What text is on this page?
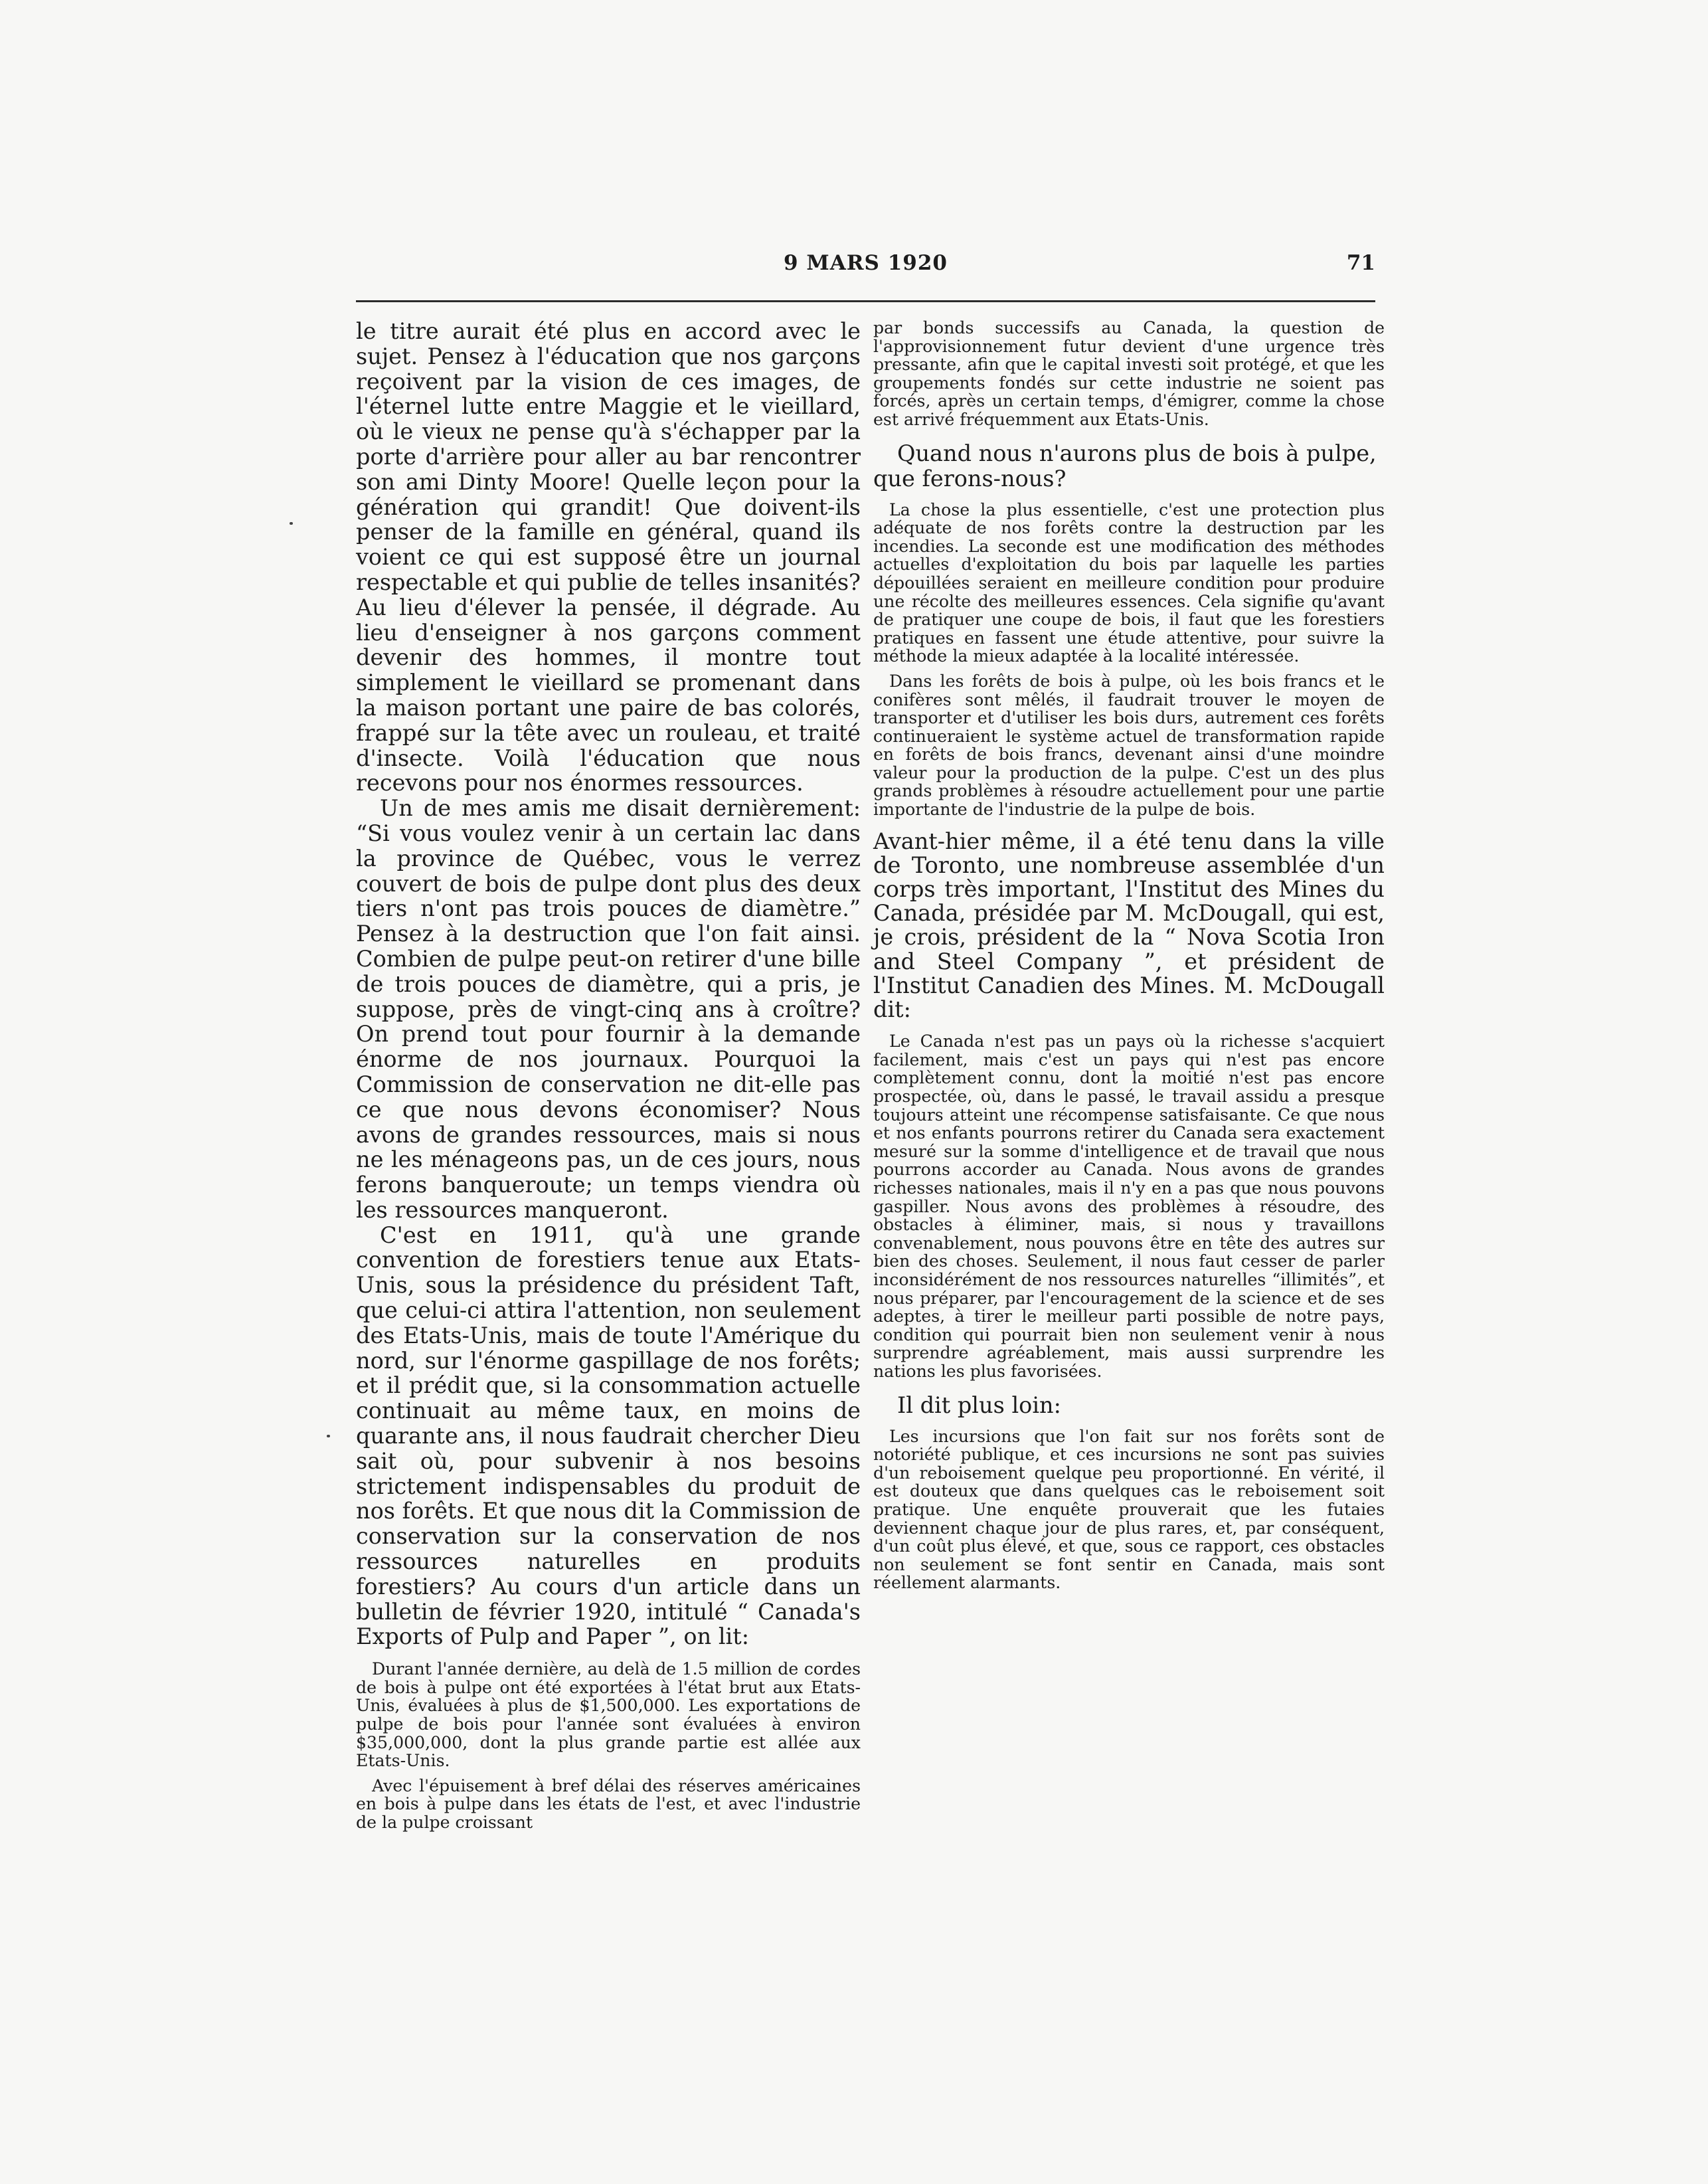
9 MARS 1920	71

le titre aurait été plus en accord avec le sujet. Pensez à l'éducation que nos garçons reçoivent par la vision de ces images, de l'éternel lutte entre Maggie et le vieillard, où le vieux ne pense qu'à s'échapper par la porte d'arrière pour aller au bar rencontrer son ami Dinty Moore! Quelle leçon pour la génération qui grandit! Que doivent-ils penser de la famille en général, quand ils voient ce qui est supposé être un journal respectable et qui publie de telles insanités? Au lieu d'élever la pensée, il dégrade. Au lieu d'enseigner à nos garçons comment devenir des hommes, il montre tout simplement le vieillard se promenant dans la maison portant une paire de bas colorés, frappé sur la tête avec un rouleau, et traité d'insecte. Voilà l'éducation que nous recevons pour nos énormes ressources.

Un de mes amis me disait dernièrement: “Si vous voulez venir à un certain lac dans la province de Québec, vous le verrez couvert de bois de pulpe dont plus des deux tiers n'ont pas trois pouces de diamètre.” Pensez à la destruction que l'on fait ainsi. Combien de pulpe peut-on retirer d'une bille de trois pouces de diamètre, qui a pris, je suppose, près de vingt-cinq ans à croître? On prend tout pour fournir à la demande énorme de nos journaux. Pourquoi la Commission de conservation ne dit-elle pas ce que nous devons économiser? Nous avons de grandes ressources, mais si nous ne les ménageons pas, un de ces jours, nous ferons banqueroute; un temps viendra où les ressources manqueront.

C'est en 1911, qu'à une grande convention de forestiers tenue aux Etats-Unis, sous la présidence du président Taft, que celui-ci attira l'attention, non seulement des Etats-Unis, mais de toute l'Amérique du nord, sur l'énorme gaspillage de nos forêts; et il prédit que, si la consommation actuelle continuait au même taux, en moins de quarante ans, il nous faudrait chercher Dieu sait où, pour subvenir à nos besoins strictement indispensables du produit de nos forêts. Et que nous dit la Commission de conservation sur la conservation de nos ressources naturelles en produits forestiers? Au cours d'un article dans un bulletin de février 1920, intitulé “ Canada's Exports of Pulp and Paper ”, on lit:

Durant l'année dernière, au delà de 1.5 million de cordes de bois à pulpe ont été exportées à l'état brut aux Etats-Unis, évaluées à plus de $1,500,000. Les exportations de pulpe de bois pour l'année sont évaluées à environ $35,000,000, dont la plus grande partie est allée aux Etats-Unis.

Avec l'épuisement à bref délai des réserves américaines en bois à pulpe dans les états de l'est, et avec l'industrie de la pulpe croissant

par bonds successifs au Canada, la question de l'approvisionnement futur devient d'une urgence très pressante, afin que le capital investi soit protégé, et que les groupements fondés sur cette industrie ne soient pas forcés, après un certain temps, d'émigrer, comme la chose est arrivé fréquemment aux Etats-Unis.

Quand nous n'aurons plus de bois à pulpe, que ferons-nous?

La chose la plus essentielle, c'est une protection plus adéquate de nos forêts contre la destruction par les incendies. La seconde est une modification des méthodes actuelles d'exploitation du bois par laquelle les parties dépouillées seraient en meilleure condition pour produire une récolte des meilleures essences. Cela signifie qu'avant de pratiquer une coupe de bois, il faut que les forestiers pratiques en fassent une étude attentive, pour suivre la méthode la mieux adaptée à la localité intéressée.

Dans les forêts de bois à pulpe, où les bois francs et le conifères sont mêlés, il faudrait trouver le moyen de transporter et d'utiliser les bois durs, autrement ces forêts continueraient le système actuel de transformation rapide en forêts de bois francs, devenant ainsi d'une moindre valeur pour la production de la pulpe. C'est un des plus grands problèmes à résoudre actuellement pour une partie importante de l'industrie de la pulpe de bois.

Avant-hier même, il a été tenu dans la ville de Toronto, une nombreuse assemblée d'un corps très important, l'Institut des Mines du Canada, présidée par M. McDougall, qui est, je crois, président de la “ Nova Scotia Iron and Steel Company ”, et président de l'Institut Canadien des Mines. M. McDougall dit:

Le Canada n'est pas un pays où la richesse s'acquiert facilement, mais c'est un pays qui n'est pas encore complètement connu, dont la moitié n'est pas encore prospectée, où, dans le passé, le travail assidu a presque toujours atteint une récompense satisfaisante. Ce que nous et nos enfants pourrons retirer du Canada sera exactement mesuré sur la somme d'intelligence et de travail que nous pourrons accorder au Canada. Nous avons de grandes richesses nationales, mais il n'y en a pas que nous pouvons gaspiller. Nous avons des problèmes à résoudre, des obstacles à éliminer, mais, si nous y travaillons convenablement, nous pouvons être en tête des autres sur bien des choses. Seulement, il nous faut cesser de parler inconsidérément de nos ressources naturelles “illimités”, et nous préparer, par l'encouragement de la science et de ses adeptes, à tirer le meilleur parti possible de notre pays, condition qui pourrait bien non seulement venir à nous surprendre agréablement, mais aussi surprendre les nations les plus favorisées.

Il dit plus loin:

Les incursions que l'on fait sur nos forêts sont de notoriété publique, et ces incursions ne sont pas suivies d'un reboisement quelque peu proportionné. En vérité, il est douteux que dans quelques cas le reboisement soit pratique. Une enquête prouverait que les futaies deviennent chaque jour de plus rares, et, par conséquent, d'un coût plus élevé, et que, sous ce rapport, ces obstacles non seulement se font sentir en Canada, mais sont réellement alarmants.
